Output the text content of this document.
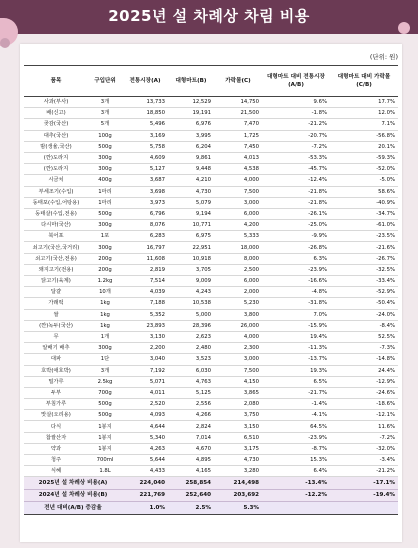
2025년 설 차례상 차림 비용
(단위: 원)
품목	구입단위	전통시장(A)	대형마트(B)	가락몰(C)	대형마트 대비 전통시장(A/B)	대형마트 대비 가락몰(C/B)
사과(부사)	3개	13,733	12,529	14,750	9.6%	17.7%
배(신고)	3개	18,850	19,191	21,500	-1.8%	12.0%
곶감(국산)	5개	5,496	6,976	7,470	-21.2%	7.1%
대추(국산)	100g	3,169	3,995	1,725	-20.7%	-56.8%
밤(생율,국산)	500g	5,758	6,204	7,450	-7.2%	20.1%
(깐)도라지	300g	4,609	9,861	4,013	-53.3%	-59.3%
(깐)도라지	300g	5,127	9,448	4,538	-45.7%	-52.0%
시금치	400g	3,687	4,210	4,000	-12.4%	-5.0%
부세조기(수입)	1마리	3,698	4,730	7,500	-21.8%	58.6%
동태포(수입,어탕용)	1마리	3,973	5,079	3,000	-21.8%	-40.9%
동태살(수입,전용)	500g	6,796	9,194	6,000	-26.1%	-34.7%
다시마(국산)	300g	8,076	10,771	4,200	-25.0%	-61.0%
북어포	1포	6,283	6,975	5,333	-9.9%	-23.5%
쇠고기(국산,국거리)	300g	16,797	22,951	18,000	-26.8%	-21.6%
쇠고기(국산,전용)	200g	11,608	10,918	8,000	6.3%	-26.7%
돼지고기(전용)	200g	2,819	3,705	2,500	-23.9%	-32.5%
닭고기(육계)	1.2kg	7,514	9,009	6,000	-16.6%	-33.4%
달걀	10개	4,039	4,243	2,000	-4.8%	-52.9%
가래떡	1kg	7,188	10,538	5,230	-31.8%	-50.4%
쌀	1kg	5,352	5,000	3,800	7.0%	-24.0%
(깐)녹두(국산)	1kg	23,893	28,396	26,000	-15.9%	-8.4%
무	1개	3,130	2,623	4,000	19.4%	52.5%
알배기 배추	300g	2,200	2,480	2,300	-11.3%	-7.3%
대파	1단	3,040	3,523	3,000	-13.7%	-14.8%
호박(애호박)	3개	7,192	6,030	7,500	19.3%	24.4%
밀가루	2.5kg	5,071	4,763	4,150	6.5%	-12.9%
두부	700g	4,011	5,125	3,865	-21.7%	-24.6%
부침가루	500g	2,520	2,556	2,080	-1.4%	-18.6%
맛살(오리용)	500g	4,093	4,266	3,750	-4.1%	-12.1%
다식	1봉지	4,644	2,824	3,150	64.5%	11.6%
찹쌀산자	1봉지	5,340	7,014	6,510	-23.9%	-7.2%
약과	1봉지	4,263	4,670	3,175	-8.7%	-32.0%
청주	700ml	5,644	4,895	4,730	15.3%	-3.4%
식혜	1.8L	4,433	4,165	3,280	6.4%	-21.2%
2025년 설 차례상 비용(A)		224,040	258,854	214,498	-13.4%	-17.1%
2024년 설 차례상 비용(B)		221,769	252,640	203,692	-12.2%	-19.4%
전년 대비(A/B) 증감율		1.0%	2.5%	5.3%		
